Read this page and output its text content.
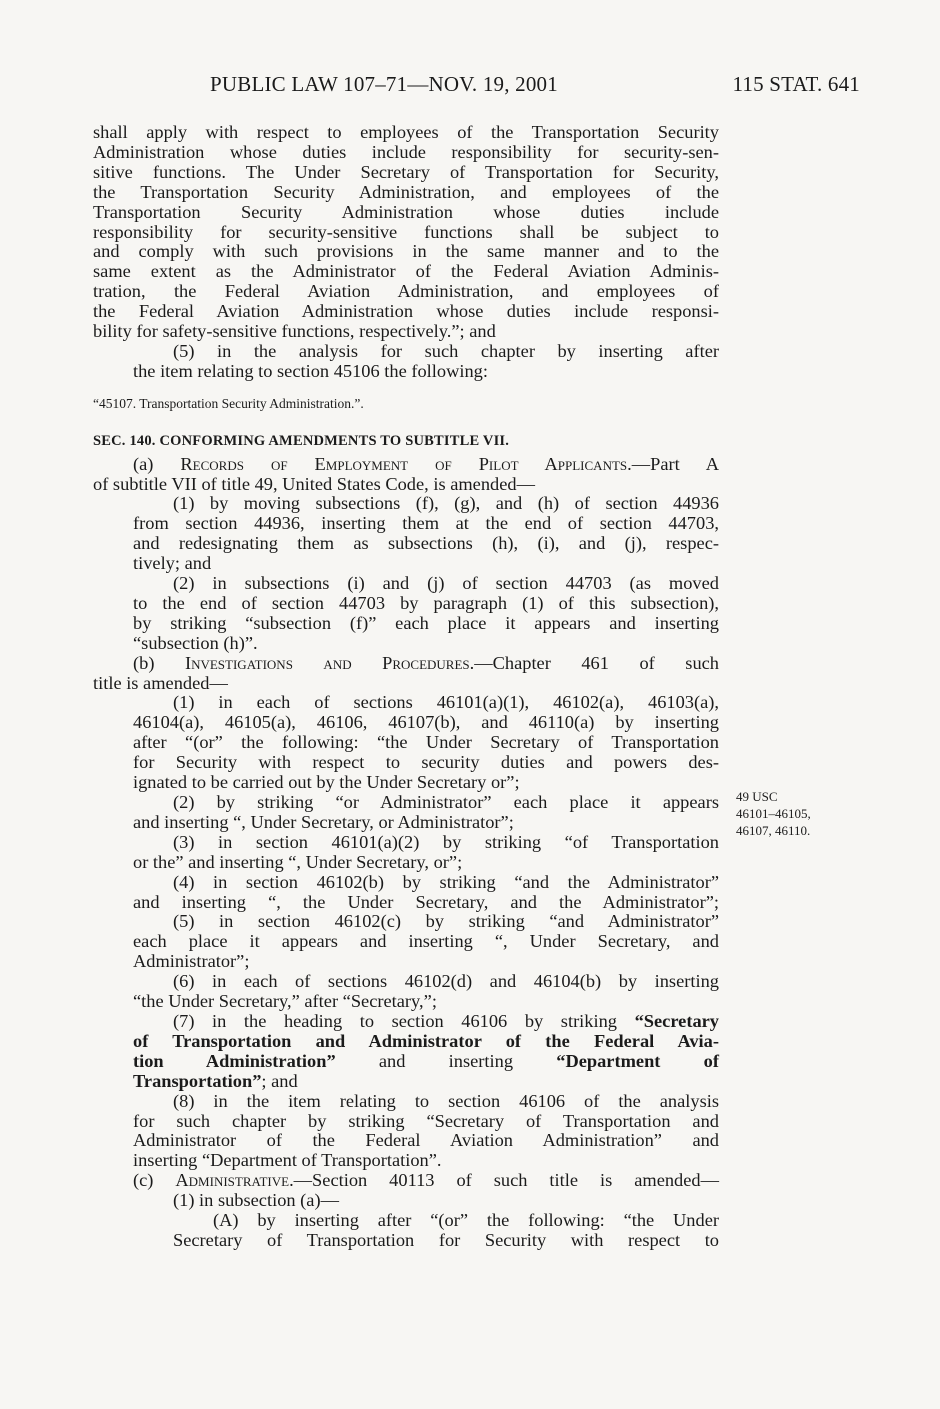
PUBLIC LAW 107–71—NOV. 19, 2001	115 STAT. 641

shall apply with respect to employees of the Transportation Security

Administration whose duties include responsibility for security-sen-

sitive functions. The Under Secretary of Transportation for Security,

the Transportation Security Administration, and employees of the

Transportation Security Administration whose duties include

responsibility for security-sensitive functions shall be subject to

and comply with such provisions in the same manner and to the

same extent as the Administrator of the Federal Aviation Adminis-

tration, the Federal Aviation Administration, and employees of

the Federal Aviation Administration whose duties include responsi-

bility for safety-sensitive functions, respectively.”; and

(5) in the analysis for such chapter by inserting after

the item relating to section 45106 the following:

“45107. Transportation Security Administration.”.

SEC. 140. CONFORMING AMENDMENTS TO SUBTITLE VII.

(a) Records of Employment of Pilot Applicants.—Part A

of subtitle VII of title 49, United States Code, is amended—

(1) by moving subsections (f), (g), and (h) of section 44936

from section 44936, inserting them at the end of section 44703,

and redesignating them as subsections (h), (i), and (j), respec-

tively; and

(2) in subsections (i) and (j) of section 44703 (as moved

to the end of section 44703 by paragraph (1) of this subsection),

by striking “subsection (f)” each place it appears and inserting

“subsection (h)”.

(b) Investigations and Procedures.—Chapter 461 of such

title is amended—

(1) in each of sections 46101(a)(1), 46102(a), 46103(a),

46104(a), 46105(a), 46106, 46107(b), and 46110(a) by inserting

after “(or” the following: “the Under Secretary of Transportation

for Security with respect to security duties and powers des-

ignated to be carried out by the Under Secretary or”;

(2) by striking “or Administrator” each place it appears

and inserting “, Under Secretary, or Administrator”;

(3) in section 46101(a)(2) by striking “of Transportation

or the” and inserting “, Under Secretary, or”;

(4) in section 46102(b) by striking “and the Administrator”

and inserting “, the Under Secretary, and the Administrator”;

(5) in section 46102(c) by striking “and Administrator”

each place it appears and inserting “, Under Secretary, and

Administrator”;

(6) in each of sections 46102(d) and 46104(b) by inserting

“the Under Secretary,” after “Secretary,”;

(7) in the heading to section 46106 by striking “Secretary

of Transportation and Administrator of the Federal Avia-

tion Administration” and inserting “Department of

Transportation”; and

(8) in the item relating to section 46106 of the analysis

for such chapter by striking “Secretary of Transportation and

Administrator of the Federal Aviation Administration” and

inserting “Department of Transportation”.

(c) Administrative.—Section 40113 of such title is amended—

(1) in subsection (a)—

(A) by inserting after “(or” the following: “the Under

Secretary of Transportation for Security with respect to

49 USC
46101–46105,
46107, 46110.
